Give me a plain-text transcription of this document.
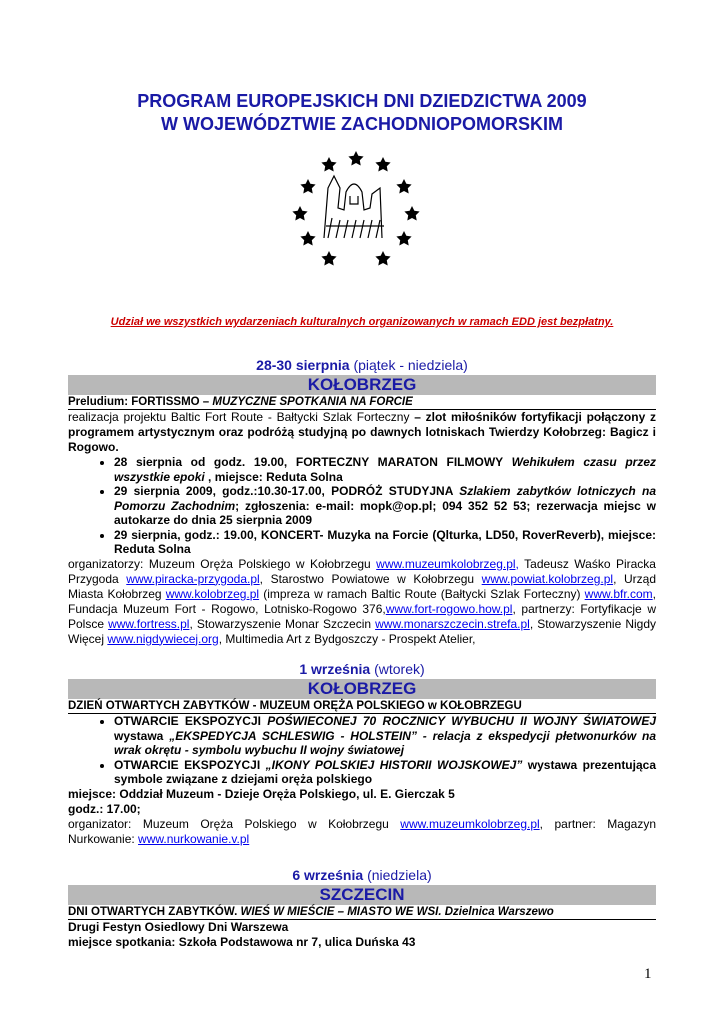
PROGRAM EUROPEJSKICH DNI DZIEDZICTWA 2009
W WOJEWÓDZTWIE ZACHODNIOPOMORSKIM
Udział we wszystkich wydarzeniach kulturalnych organizowanych w ramach EDD jest bezpłatny.
28-30 sierpnia (piątek - niedziela)
KOŁOBRZEG
Preludium: FORTISSMO – MUZYCZNE SPOTKANIA NA FORCIE
realizacja projektu Baltic Fort Route - Bałtycki Szlak Forteczny – zlot miłośników fortyfikacji połączony z programem artystycznym oraz podróżą studyjną po dawnych lotniskach Twierdzy Kołobrzeg: Bagicz i Rogowo.
• 28 sierpnia od godz. 19.00, FORTECZNY MARATON FILMOWY Wehikułem czasu przez wszystkie epoki , miejsce: Reduta Solna
• 29 sierpnia 2009, godz.:10.30-17.00, PODRÓŻ STUDYJNA Szlakiem zabytków lotniczych na Pomorzu Zachodnim; zgłoszenia: e-mail: mopk@op.pl; 094 352 52 53; rezerwacja miejsc w autokarze do dnia 25 sierpnia 2009
• 29 sierpnia, godz.: 19.00, KONCERT- Muzyka na Forcie (Qlturka, LD50, RoverReverb), miejsce: Reduta Solna
organizatorzy: Muzeum Oręża Polskiego w Kołobrzegu www.muzeumkolobrzeg.pl, Tadeusz Waśko Piracka Przygoda www.piracka-przygoda.pl, Starostwo Powiatowe w Kołobrzegu www.powiat.kolobrzeg.pl, Urząd Miasta Kołobrzeg www.kolobrzeg.pl (impreza w ramach Baltic Route (Bałtycki Szlak Forteczny) www.bfr.com, Fundacja Muzeum Fort - Rogowo, Lotnisko-Rogowo 376,www.fort-rogowo.how.pl, partnerzy: Fortyfikacje w Polsce www.fortress.pl, Stowarzyszenie Monar Szczecin www.monarszczecin.strefa.pl, Stowarzyszenie Nigdy Więcej www.nigdywiecej.org, Multimedia Art z Bydgoszczy - Prospekt Atelier,
1 września (wtorek)
KOŁOBRZEG
DZIEŃ OTWARTYCH ZABYTKÓW - MUZEUM ORĘŻA POLSKIEGO w KOŁOBRZEGU
• OTWARCIE EKSPOZYCJI POŚWIECONEJ 70 ROCZNICY WYBUCHU II WOJNY ŚWIATOWEJ wystawa „EKSPEDYCJA SCHLESWIG - HOLSTEIN” - relacja z ekspedycji płetwonurków na wrak okrętu - symbolu wybuchu II wojny światowej
• OTWARCIE EKSPOZYCJI „IKONY POLSKIEJ HISTORII WOJSKOWEJ” wystawa prezentująca symbole związane z dziejami oręża polskiego
miejsce: Oddział Muzeum - Dzieje Oręża Polskiego, ul. E. Gierczak 5
godz.: 17.00;
organizator: Muzeum Oręża Polskiego w Kołobrzegu www.muzeumkolobrzeg.pl, partner: Magazyn Nurkowanie: www.nurkowanie.v.pl
6 września (niedziela)
SZCZECIN
DNI OTWARTYCH ZABYTKÓW. WIEŚ W MIEŚCIE – MIASTO WE WSI. Dzielnica Warszewo
Drugi Festyn Osiedlowy Dni Warszewa
miejsce spotkania: Szkoła Podstawowa nr 7, ulica Duńska 43
1
